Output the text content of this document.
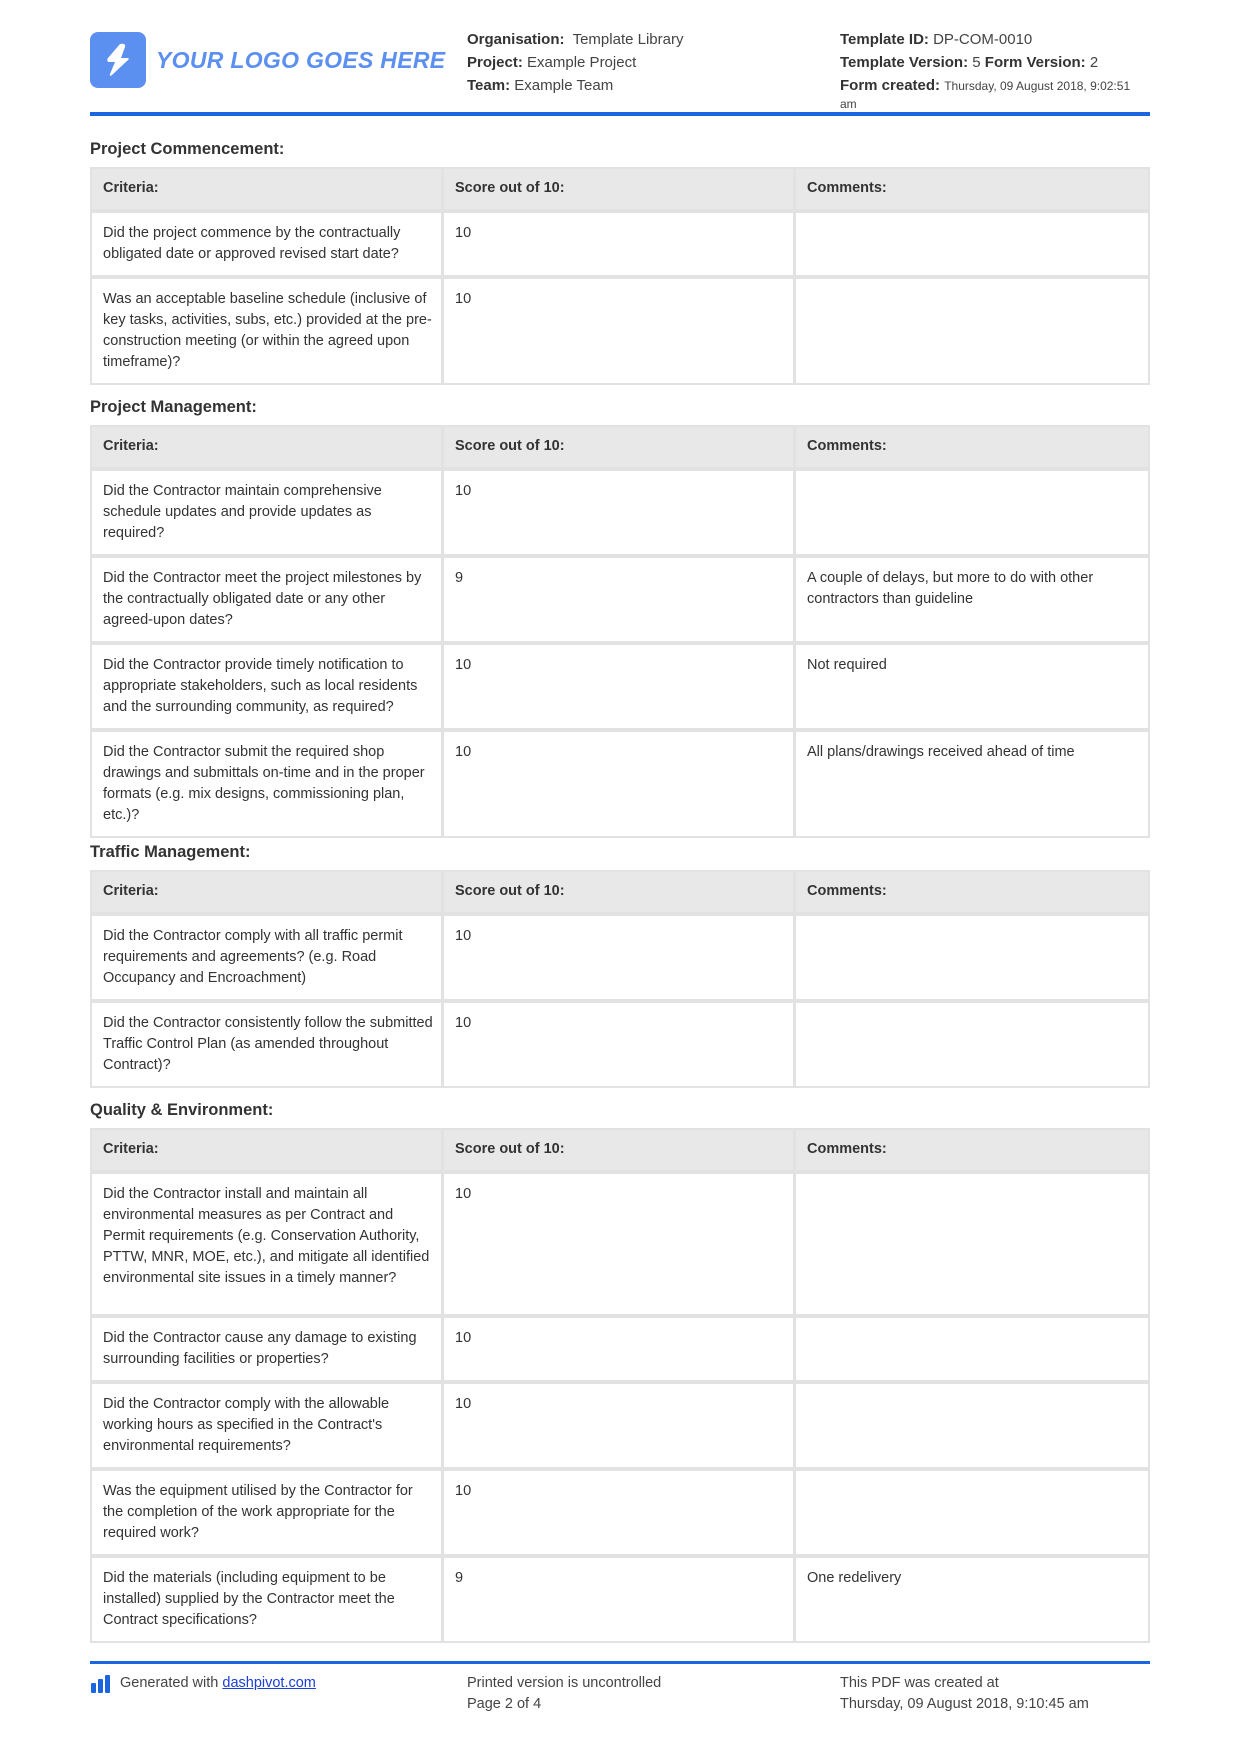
YOUR LOGO GOES HERE
Organisation: Template Library
Project: Example Project
Team: Example Team
Template ID: DP-COM-0010
Template Version: 5 Form Version: 2
Form created: Thursday, 09 August 2018, 9:02:51 am
Project Commencement:
Criteria:	Score out of 10:	Comments:
Did the project commence by the contractually obligated date or approved revised start date?	10	
Was an acceptable baseline schedule (inclusive of key tasks, activities, subs, etc.) provided at the pre-construction meeting (or within the agreed upon timeframe)?	10	
Project Management:
Criteria:	Score out of 10:	Comments:
Did the Contractor maintain comprehensive schedule updates and provide updates as required?	10	
Did the Contractor meet the project milestones by the contractually obligated date or any other agreed-upon dates?	9	A couple of delays, but more to do with other contractors than guideline
Did the Contractor provide timely notification to appropriate stakeholders, such as local residents and the surrounding community, as required?	10	Not required
Did the Contractor submit the required shop drawings and submittals on-time and in the proper formats (e.g. mix designs, commissioning plan, etc.)?	10	All plans/drawings received ahead of time
Traffic Management:
Criteria:	Score out of 10:	Comments:
Did the Contractor comply with all traffic permit requirements and agreements? (e.g. Road Occupancy and Encroachment)	10	
Did the Contractor consistently follow the submitted Traffic Control Plan (as amended throughout Contract)?	10	
Quality & Environment:
Criteria:	Score out of 10:	Comments:
Did the Contractor install and maintain all environmental measures as per Contract and Permit requirements (e.g. Conservation Authority, PTTW, MNR, MOE, etc.), and mitigate all identified environmental site issues in a timely manner?	10	
Did the Contractor cause any damage to existing surrounding facilities or properties?	10	
Did the Contractor comply with the allowable working hours as specified in the Contract's environmental requirements?	10	
Was the equipment utilised by the Contractor for the completion of the work appropriate for the required work?	10	
Did the materials (including equipment to be installed) supplied by the Contractor meet the Contract specifications?	9	One redelivery
Generated with
dashpivot.com	Printed version is uncontrolled
Page 2 of 4
This PDF was created at
Thursday, 09 August 2018, 9:10:45 am
